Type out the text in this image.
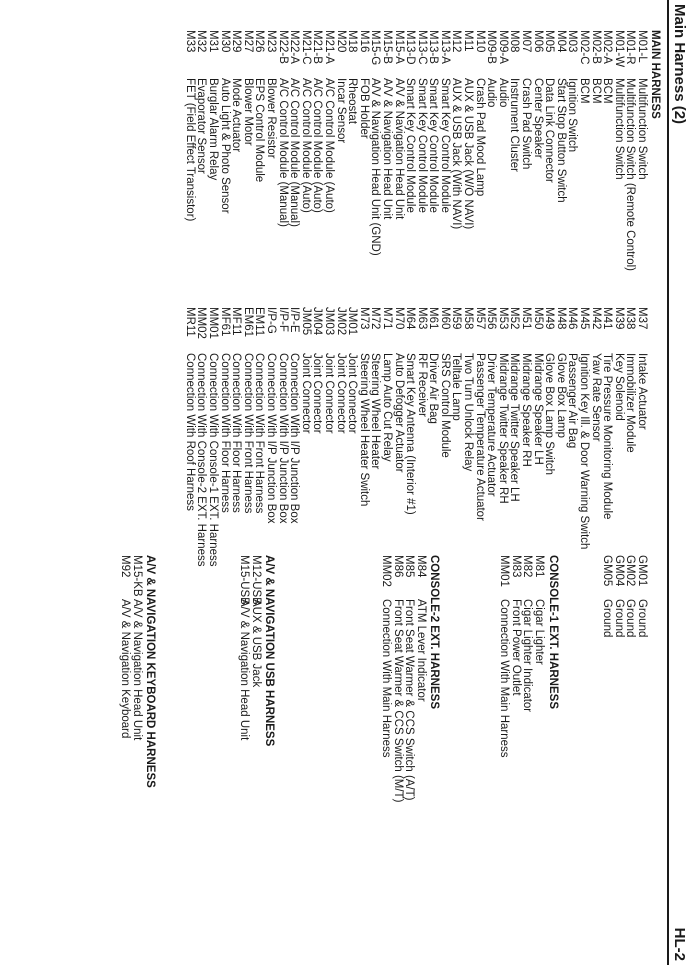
Main Harness (2)
HL-2
MAIN HARNESS
M01-L
Multifunction Switch
M01-R
Multifunction Switch (Remote Control)
M01-W
Multifunction Switch
M02-A
BCM
M02-B
BCM
M02-C
BCM
M03
Ignition Switch
M04
Start Stop Button Switch
M05
Data Link Connector
M06
Center Speaker
M07
Crash Pad Switch
M08
Instrument Cluster
M09-A
Audio
M09-B
Audio
M10
Crash Pad Mood Lamp
M11
AUX & USB Jack (W/O NAVI)
M12
AUX & USB Jack (With NAVI)
M13-A
Smart Key Control Module
M13-B
Smart Key Control Module
M13-C
Smart Key Control Module
M13-D
Smart Key Control Module
M15-A
A/V & Navigation Head Unit
M15-B
A/V & Navigation Head Unit
M15-G
A/V & Navigation Head Unit (GND)
M16
FOB Holder
M18
Rheostat
M20
Incar Sensor
M21-A
A/C Control Module (Auto)
M21-B
A/C Control Module (Auto)
M21-C
A/C Control Module (Auto)
M22-A
A/C Control Module (Manual)
M22-B
A/C Control Module (Manual)
M23
Blower Resistor
M26
EPS Control Module
M27
Blower Motor
M29
Mode Actuator
M30
Auto Light & Photo Sensor
M31
Burglar Alarm Relay
M32
Evaporator Sensor
M33
FET (Field Effect Transistor)
M37
Intake Actuator
M38
Immobilizer Module
M39
Key Solenoid
M41
Tire Pressure Monitoring Module
M42
Yaw Rate Sensor
M45
Ignition Key Ill. & Door Warning Switch
M46
Passenger Air Bag
M48
Glove Box Lamp
M49
Glove Box Lamp Switch
M50
Midrange Speaker LH
M51
Midrange Speaker RH
M52
Midrange Twitter Speaker LH
M53
Midrange Twitter Speaker RH
M56
Driver Temperature Actuator
M57
Passenger Temperature Actuator
M58
Two Turn Unlock Relay
M59
Telltale Lamp
M60
SRS Control Module
M61
Driver Air Bag
M63
RF Receiver
M64
Smart Key Antenna (Interior #1)
M70
Auto Defogger Actuator
M71
Lamp Auto Cut Relay
M72
Steering Wheel Heater
M73
Steering Wheel Heater Switch
JM01
Joint Connector
JM02
Joint Connector
JM03
Joint Connector
JM04
Joint Connector
JM05
Joint Connector
I/P-E
Connection With I/P Junction Box
I/P-F
Connection With I/P Junction Box
I/P-G
Connection With I/P Junction Box
EM11
Connection With Front Harness
EM61
Connection With Front Harness
MF11
Connection With Floor Harness
MF61
Connection With Floor Harness
MM01
Connection With Console-1 EXT. Harness
MM02
Connection With Console-2 EXT. Harness
MR11
Connection With Roof Harness
GM01
Ground
GM02
Ground
GM04
Ground
GM05
Ground
CONSOLE-1 EXT. HARNESS
M81
Cigar Lighter
M82
Cigar Lighter Indicator
M83
Front Power Outlet
MM01
Connection With Main Harness
CONSOLE-2 EXT. HARNESS
M84
ATM Lever Indicator
M85
Front Seat Warmer & CCS Switch (A/T)
M86
Front Seat Warmer & CCS Switch (M/T)
MM02
Connection With Main Harness
A/V & NAVIGATION USB HARNESS
M12-USB
AUX & USB Jack
M15-USB
A/V & Navigation Head Unit
A/V & NAVIGATION KEYBOARD HARNESS
M15-KB
A/V & Navigation Head Unit
M92
A/V & Navigation Keyboard
